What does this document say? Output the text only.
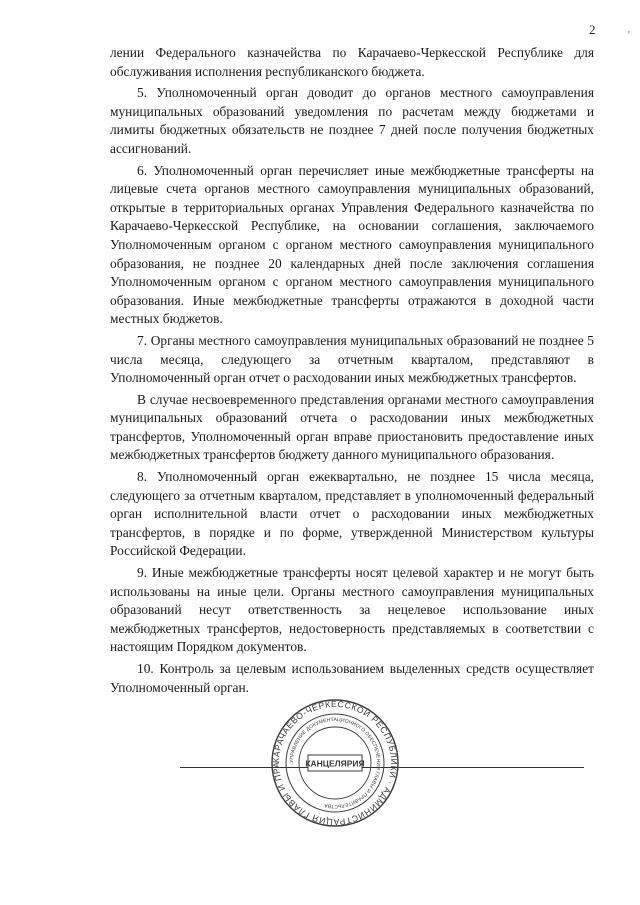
2	'

лении Федерального казначейства по Карачаево-Черкесской Республике для обслуживания исполнения республиканского бюджета.

5. Уполномоченный орган доводит до органов местного самоуправления муниципальных образований уведомления по расчетам между бюджетами и лимиты бюджетных обязательств не позднее 7 дней после получения бюджетных ассигнований.

6. Уполномоченный орган перечисляет иные межбюджетные трансферты на лицевые счета органов местного самоуправления муниципальных образований, открытые в территориальных органах Управления Федерального казначейства по Карачаево-Черкесской Республике, на основании соглашения, заключаемого Уполномоченным органом с органом местного самоуправления муниципального образования, не позднее 20 календарных дней после заключения соглашения Уполномоченным органом с органом местного самоуправления муниципального образования. Иные межбюджетные трансферты отражаются в доходной части местных бюджетов.

7. Органы местного самоуправления муниципальных образований не позднее 5 числа месяца, следующего за отчетным кварталом, представляют в Уполномоченный орган отчет о расходовании иных межбюджетных трансфертов.

В случае несвоевременного представления органами местного самоуправления муниципальных образований отчета о расходовании иных межбюджетных трансфертов, Уполномоченный орган вправе приостановить предоставление иных межбюджетных трансфертов бюджету данного муниципального образования.

8. Уполномоченный орган ежеквартально, не позднее 15 числа месяца, следующего за отчетным кварталом, представляет в уполномоченный федеральный орган исполнительной власти отчет о расходовании иных межбюджетных трансфертов, в порядке и по форме, утвержденной Министерством культуры Российской Федерации.

9. Иные межбюджетные трансферты носят целевой характер и не могут быть использованы на иные цели. Органы местного самоуправления муниципальных образований несут ответственность за нецелевое использование иных межбюджетных трансфертов, недостоверность представляемых в соответствии с настоящим Порядком документов.

10. Контроль за целевым использованием выделенных средств осуществляет Уполномоченный орган.

КАРАЧАЕВО-ЧЕРКЕССКОЙ РЕСПУБЛИКИ · АДМИНИСТРАЦИЯ ГЛАВЫ И ПРА
УПРАВЛЕНИЕ ДОКУМЕНТАЦИОННОГО ОБЕСПЕЧЕНИЯ ГЛАВЫ И ПРАВИТЕЛЬСТВА ·
КАНЦЕЛЯРИЯ
